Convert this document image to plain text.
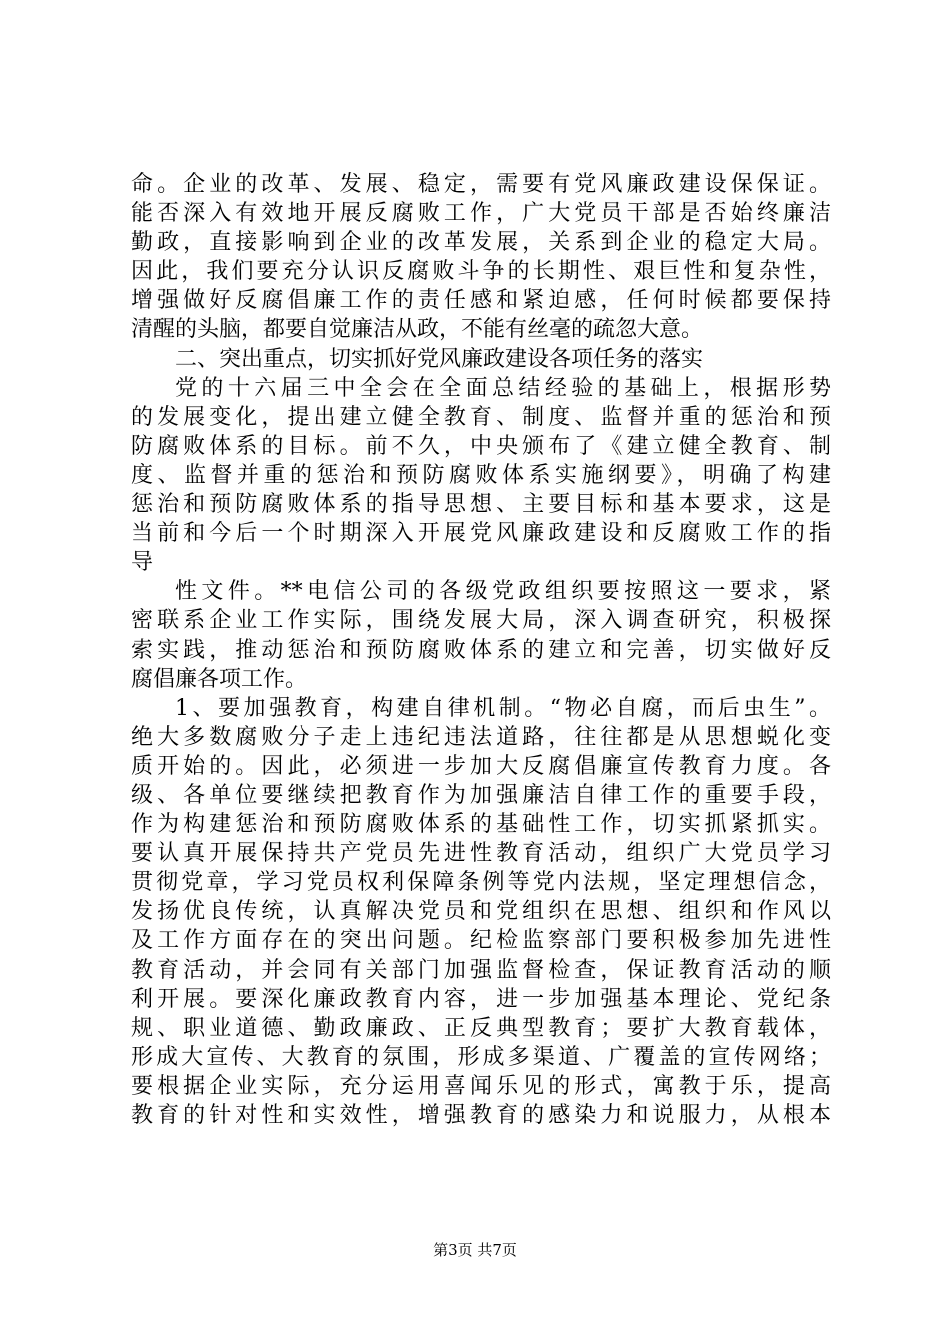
命。企业的改革、发展、稳定，需要有党风廉政建设保保证。
能否深入有效地开展反腐败工作，广大党员干部是否始终廉洁
勤政，直接影响到企业的改革发展，关系到企业的稳定大局。
因此，我们要充分认识反腐败斗争的长期性、艰巨性和复杂性，
增强做好反腐倡廉工作的责任感和紧迫感，任何时候都要保持
清醒的头脑，都要自觉廉洁从政，不能有丝毫的疏忽大意。
二、突出重点，切实抓好党风廉政建设各项任务的落实
党的十六届三中全会在全面总结经验的基础上，根据形势
的发展变化，提出建立健全教育、制度、监督并重的惩治和预
防腐败体系的目标。前不久，中央颁布了《建立健全教育、制
度、监督并重的惩治和预防腐败体系实施纲要》，明确了构建
惩治和预防腐败体系的指导思想、主要目标和基本要求，这是
当前和今后一个时期深入开展党风廉政建设和反腐败工作的指
导
性文件。**电信公司的各级党政组织要按照这一要求，紧
密联系企业工作实际，围绕发展大局，深入调查研究，积极探
索实践，推动惩治和预防腐败体系的建立和完善，切实做好反
腐倡廉各项工作。
1、要加强教育，构建自律机制。“物必自腐，而后虫生”。
绝大多数腐败分子走上违纪违法道路，往往都是从思想蜕化变
质开始的。因此，必须进一步加大反腐倡廉宣传教育力度。各
级、各单位要继续把教育作为加强廉洁自律工作的重要手段，
作为构建惩治和预防腐败体系的基础性工作，切实抓紧抓实。
要认真开展保持共产党员先进性教育活动，组织广大党员学习
贯彻党章，学习党员权利保障条例等党内法规，坚定理想信念，
发扬优良传统，认真解决党员和党组织在思想、组织和作风以
及工作方面存在的突出问题。纪检监察部门要积极参加先进性
教育活动，并会同有关部门加强监督检查，保证教育活动的顺
利开展。要深化廉政教育内容，进一步加强基本理论、党纪条
规、职业道德、勤政廉政、正反典型教育；要扩大教育载体，
形成大宣传、大教育的氛围，形成多渠道、广覆盖的宣传网络；
要根据企业实际，充分运用喜闻乐见的形式，寓教于乐，提高
教育的针对性和实效性，增强教育的感染力和说服力，从根本
第3页 共7页
